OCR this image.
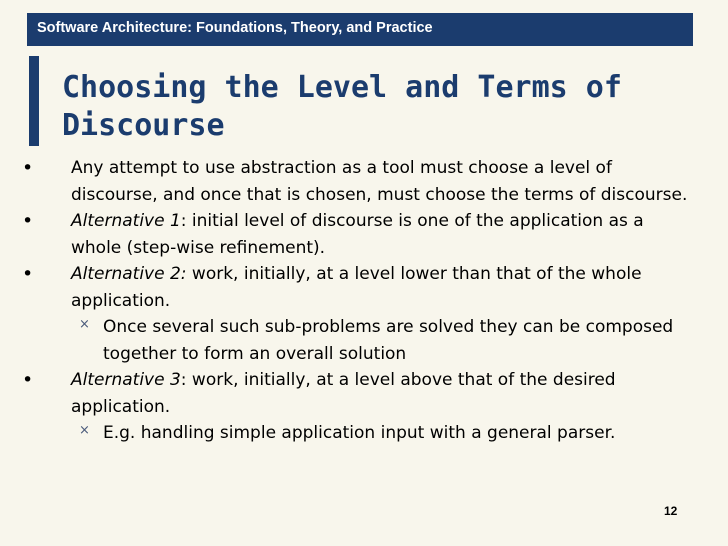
Software Architecture: Foundations, Theory, and Practice
Choosing the Level and Terms of Discourse
• Any attempt to use abstraction as a tool must choose a level of discourse, and once that is chosen, must choose the terms of discourse.
• Alternative 1: initial level of discourse is one of the application as a whole (step-wise refinement).
• Alternative 2: work, initially, at a level lower than that of the whole application.
× Once several such sub-problems are solved they can be composed together to form an overall solution
• Alternative 3: work, initially, at a level above that of the desired application.
× E.g. handling simple application input with a general parser.
12
